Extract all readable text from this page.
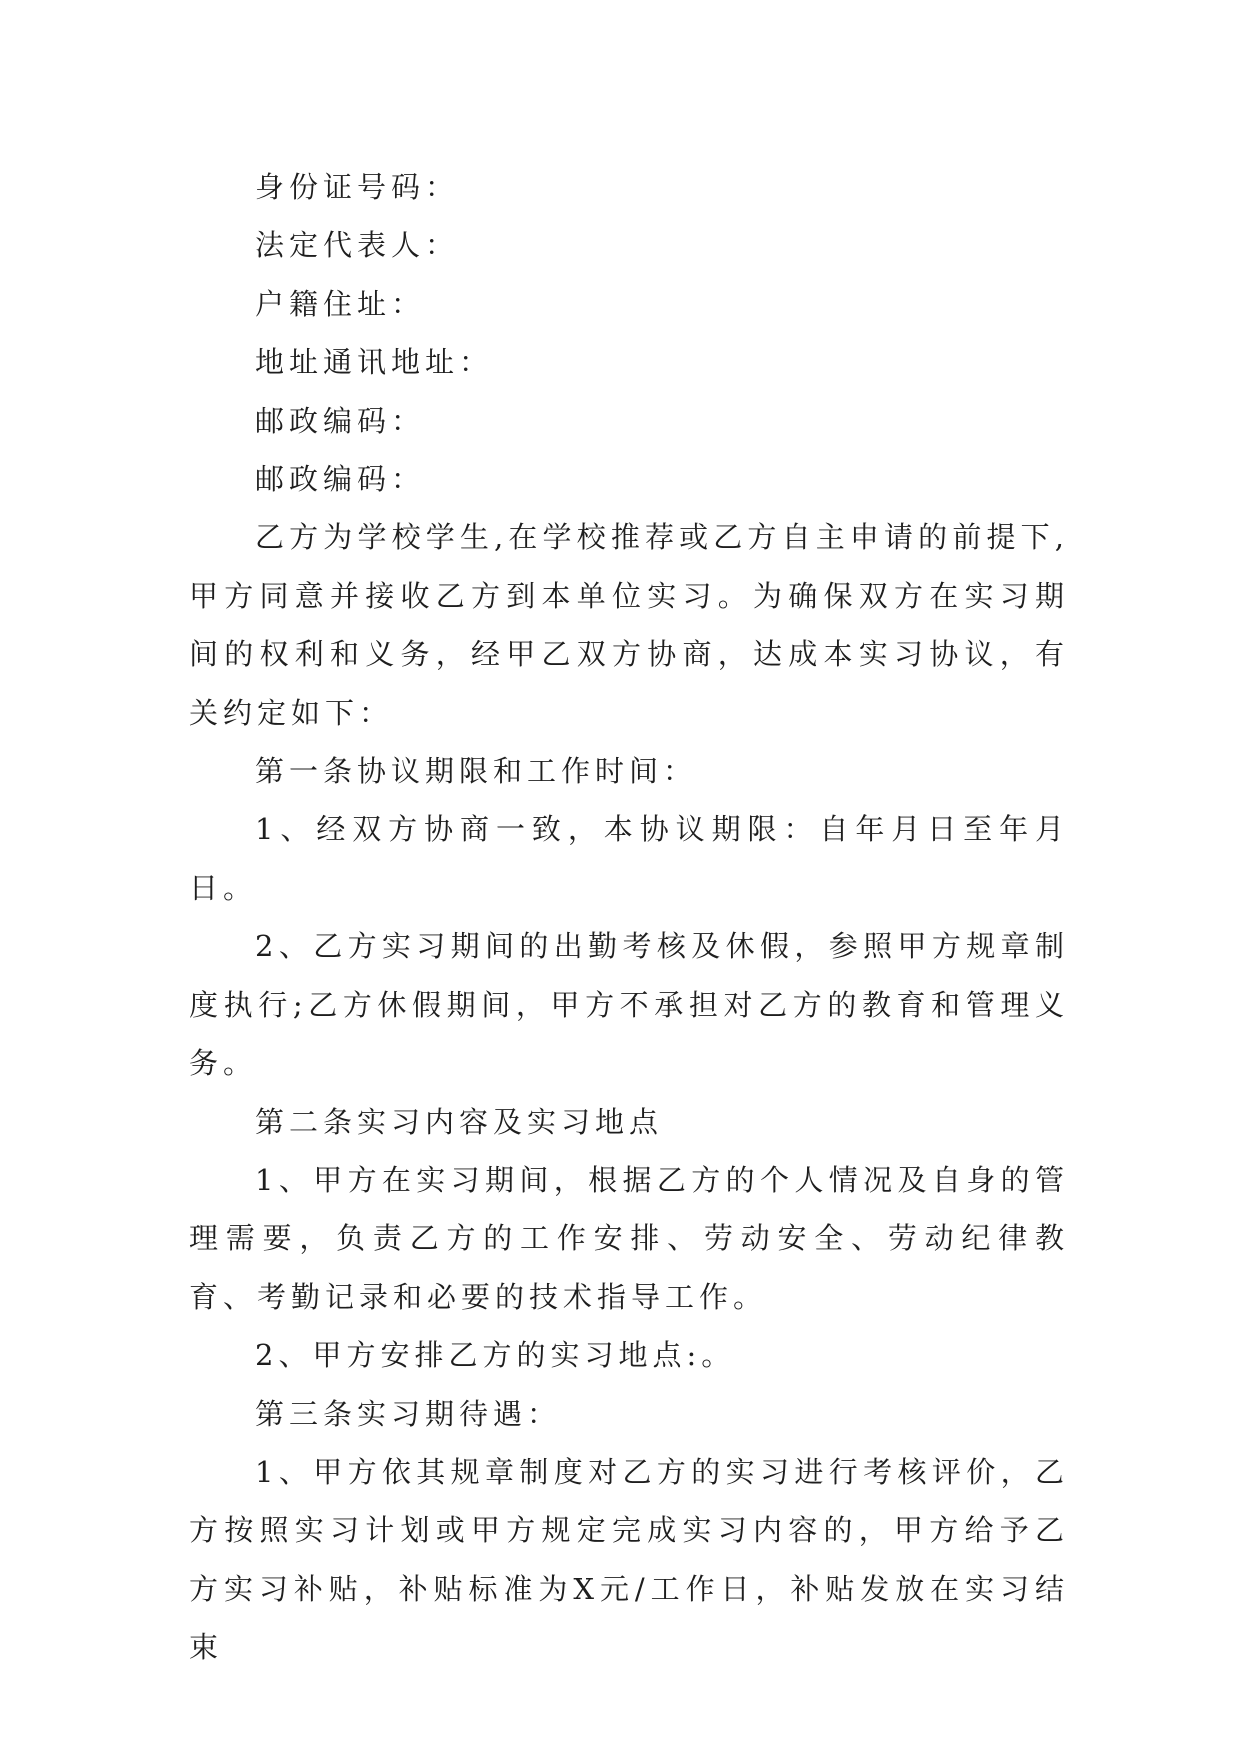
身份证号码：
法定代表人：
户籍住址：
地址通讯地址：
邮政编码：
邮政编码：

乙方为学校学生,在学校推荐或乙方自主申请的前提下,甲方同意并接收乙方到本单位实习。为确保双方在实习期间的权利和义务，经甲乙双方协商，达成本实习协议，有关约定如下：

第一条协议期限和工作时间：

1、经双方协商一致，本协议期限：自年月日至年月日。

2、乙方实习期间的出勤考核及休假，参照甲方规章制度执行;乙方休假期间，甲方不承担对乙方的教育和管理义务。

第二条实习内容及实习地点

1、甲方在实习期间，根据乙方的个人情况及自身的管理需要，负责乙方的工作安排、劳动安全、劳动纪律教育、考勤记录和必要的技术指导工作。

2、甲方安排乙方的实习地点:。

第三条实习期待遇：

1、甲方依其规章制度对乙方的实习进行考核评价，乙方按照实习计划或甲方规定完成实习内容的，甲方给予乙方实习补贴，补贴标准为X元/工作日，补贴发放在实习结束
